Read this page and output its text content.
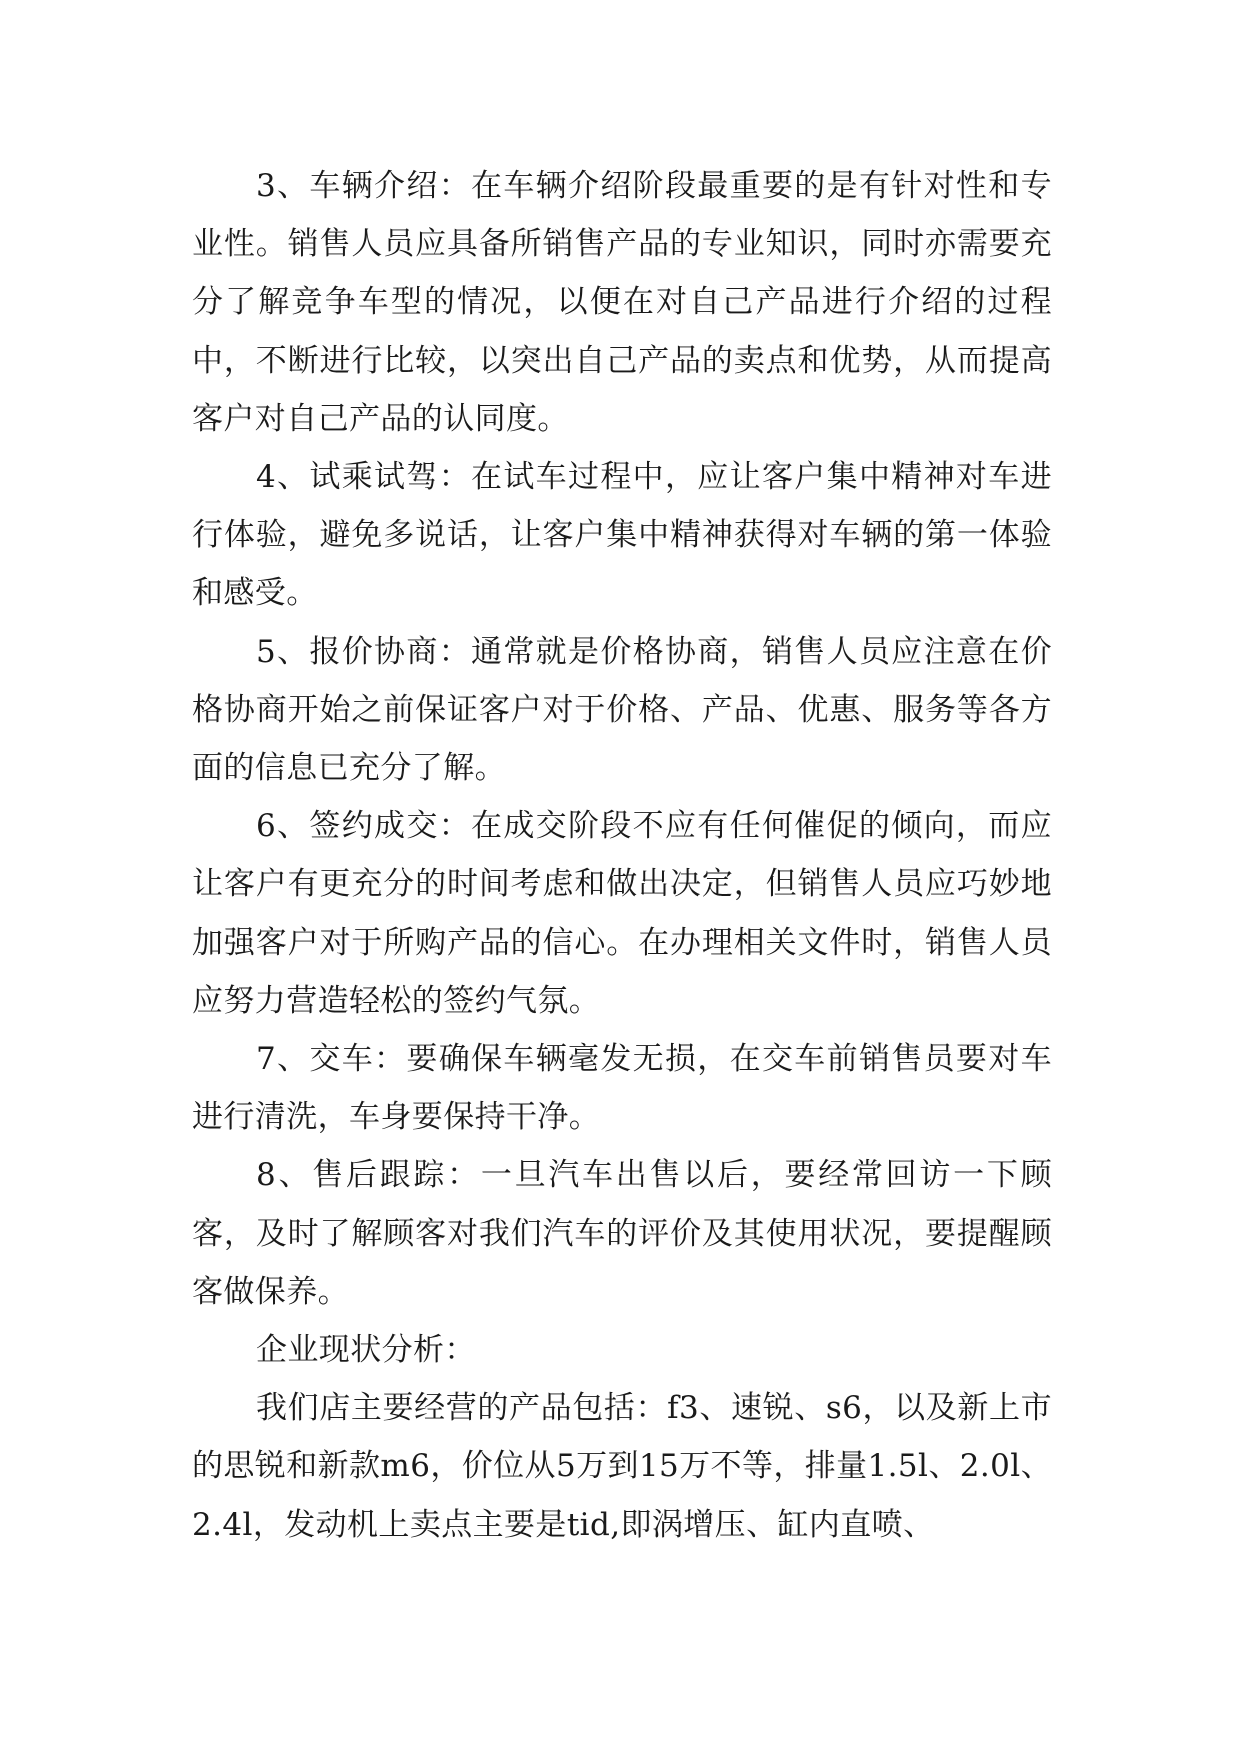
3、车辆介绍：在车辆介绍阶段最重要的是有针对性和专业性。销售人员应具备所销售产品的专业知识，同时亦需要充分了解竞争车型的情况，以便在对自己产品进行介绍的过程中，不断进行比较，以突出自己产品的卖点和优势，从而提高客户对自己产品的认同度。

4、试乘试驾：在试车过程中，应让客户集中精神对车进行体验，避免多说话，让客户集中精神获得对车辆的第一体验和感受。

5、报价协商：通常就是价格协商，销售人员应注意在价格协商开始之前保证客户对于价格、产品、优惠、服务等各方面的信息已充分了解。

6、签约成交：在成交阶段不应有任何催促的倾向，而应让客户有更充分的时间考虑和做出决定，但销售人员应巧妙地加强客户对于所购产品的信心。在办理相关文件时，销售人员应努力营造轻松的签约气氛。

7、交车：要确保车辆毫发无损，在交车前销售员要对车进行清洗，车身要保持干净。

8、售后跟踪：一旦汽车出售以后，要经常回访一下顾客，及时了解顾客对我们汽车的评价及其使用状况，要提醒顾客做保养。

企业现状分析：

我们店主要经营的产品包括：f3、速锐、s6，以及新上市的思锐和新款m6，价位从5万到15万不等，排量1.5l、2.0l、2.4l，发动机上卖点主要是tid,即涡增压、缸内直喷、
